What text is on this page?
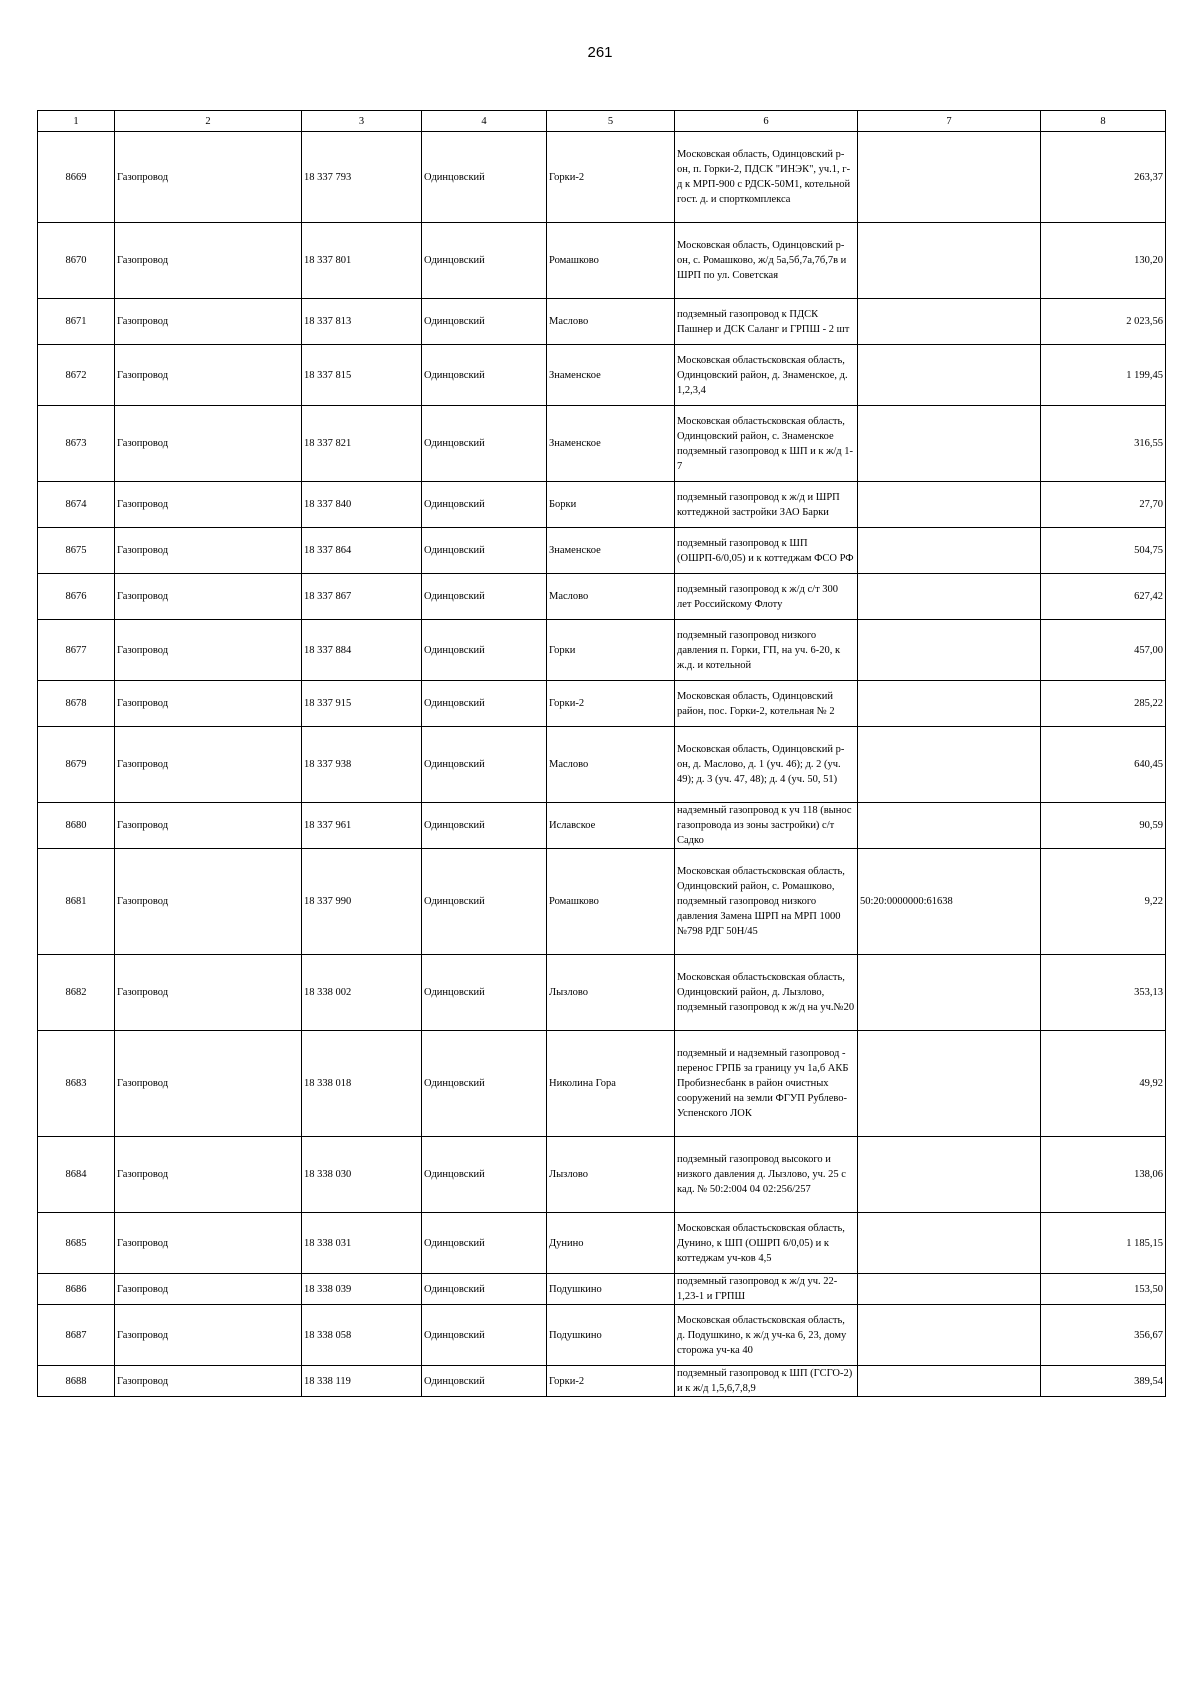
261
1	2	3	4	5	6	7	8
8669	Газопровод	18 337 793	Одинцовский	Горки-2	Московская область, Одинцовский р-он, п. Горки-2, ПДСК "ИНЭК", уч.1, г-д к МРП-900 с РДСК-50М1, котельной гост. д. и спорткомплекса		263,37
8670	Газопровод	18 337 801	Одинцовский	Ромашково	Московская область, Одинцовский р-он, с. Ромашково, ж/д 5а,5б,7а,7б,7в и ШРП по ул. Советская		130,20
8671	Газопровод	18 337 813	Одинцовский	Маслово	подземный газопровод к ПДСК Пашнер и ДСК Саланг и ГРПШ - 2 шт		2 023,56
8672	Газопровод	18 337 815	Одинцовский	Знаменское	Московская областьсковская область, Одинцовский район, д. Знаменское, д. 1,2,3,4		1 199,45
8673	Газопровод	18 337 821	Одинцовский	Знаменское	Московская областьсковская область, Одинцовский район, с. Знаменское подземный газопровод к ШП и к ж/д 1-7		316,55
8674	Газопровод	18 337 840	Одинцовский	Борки	подземный газопровод к ж/д и ШРП коттеджной застройки ЗАО Барки		27,70
8675	Газопровод	18 337 864	Одинцовский	Знаменское	подземный газопровод к ШП (ОШРП-6/0,05) и к коттеджам ФСО РФ		504,75
8676	Газопровод	18 337 867	Одинцовский	Маслово	подземный газопровод к ж/д с/т 300 лет Российскому Флоту		627,42
8677	Газопровод	18 337 884	Одинцовский	Горки	подземный газопровод низкого давления п. Горки, ГП, на уч. 6-20, к ж.д. и котельной		457,00
8678	Газопровод	18 337 915	Одинцовский	Горки-2	Московская область, Одинцовский район, пос. Горки-2, котельная № 2		285,22
8679	Газопровод	18 337 938	Одинцовский	Маслово	Московская область, Одинцовский р-он, д. Маслово, д. 1 (уч. 46); д. 2 (уч. 49); д. 3 (уч. 47, 48); д. 4 (уч. 50, 51)		640,45
8680	Газопровод	18 337 961	Одинцовский	Иславское	надземный газопровод к уч 118 (вынос газопровода из зоны застройки) с/т Садко		90,59
8681	Газопровод	18 337 990	Одинцовский	Ромашково	Московская областьсковская область, Одинцовский район, с. Ромашково, подземный газопровод низкого давления Замена ШРП на МРП 1000 №798 РДГ 50Н/45	50:20:0000000:61638	9,22
8682	Газопровод	18 338 002	Одинцовский	Лызлово	Московская областьсковская область, Одинцовский район, д. Лызлово, подземный газопровод к ж/д на уч.№20		353,13
8683	Газопровод	18 338 018	Одинцовский	Николина Гора	подземный и надземный газопровод - перенос ГРПБ за границу уч 1а,б АКБ Пробизнесбанк в район очистных сооружений на земли ФГУП Рублево-Успенского ЛОК		49,92
8684	Газопровод	18 338 030	Одинцовский	Лызлово	подземный газопровод высокого и низкого давления д. Лызлово, уч. 25 с кад. № 50:2:004 04 02:256/257		138,06
8685	Газопровод	18 338 031	Одинцовский	Дунино	Московская областьсковская область, Дунино, к ШП (ОШРП 6/0,05) и к коттеджам уч-ков 4,5		1 185,15
8686	Газопровод	18 338 039	Одинцовский	Подушкино	подземный газопровод к ж/д уч. 22-1,23-1 и ГРПШ		153,50
8687	Газопровод	18 338 058	Одинцовский	Подушкино	Московская областьсковская область, д. Подушкино, к ж/д уч-ка 6, 23, дому сторожа уч-ка 40		356,67
8688	Газопровод	18 338 119	Одинцовский	Горки-2	подземный газопровод к ШП (ГСГО-2) и к ж/д 1,5,6,7,8,9		389,54
